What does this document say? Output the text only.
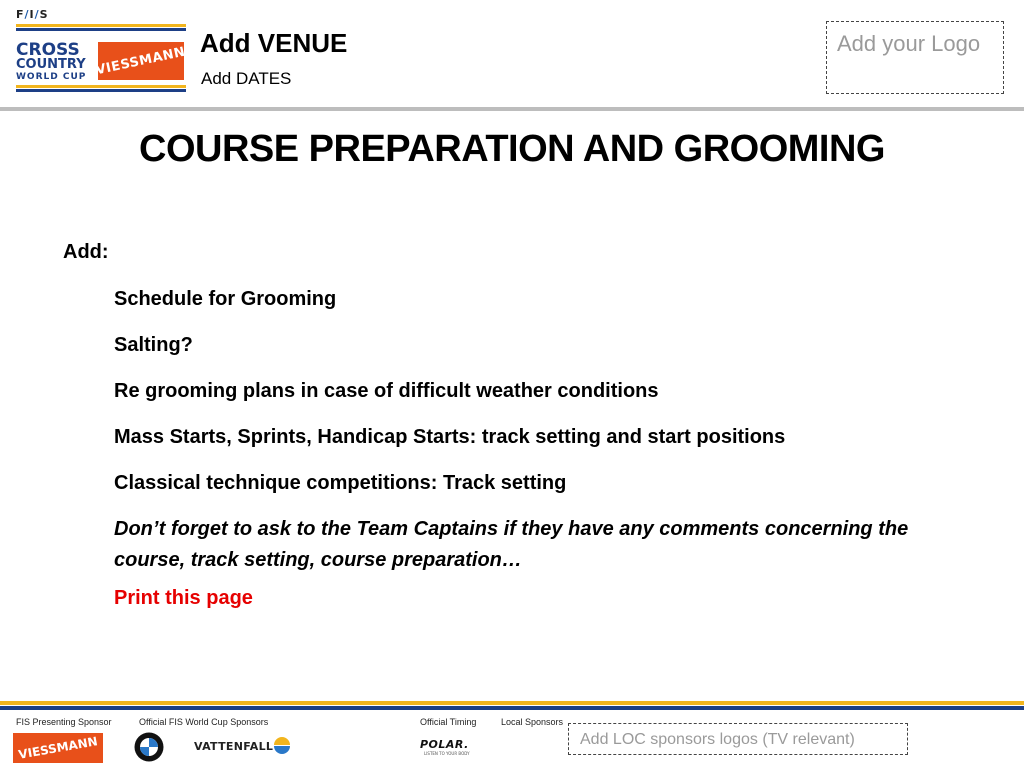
F/I/S
CROSS
COUNTRY
WORLD CUP VIESSMANN
Add VENUE
Add DATES
Add your Logo
COURSE PREPARATION AND GROOMING
Add:
Schedule for Grooming
Salting?
Re grooming plans in case of difficult weather conditions
Mass Starts, Sprints, Handicap Starts: track setting and start positions
Classical technique competitions: Track setting
Don’t forget to ask to the Team Captains if they have any comments concerning the course, track setting, course preparation…
Print this page
FIS Presenting Sponsor	Official FIS World Cup Sponsors	Official Timing	Local Sponsors
VIESSMANN	VATTENFALL	POLAR.
LISTEN TO YOUR BODY
Add LOC sponsors logos (TV relevant)
